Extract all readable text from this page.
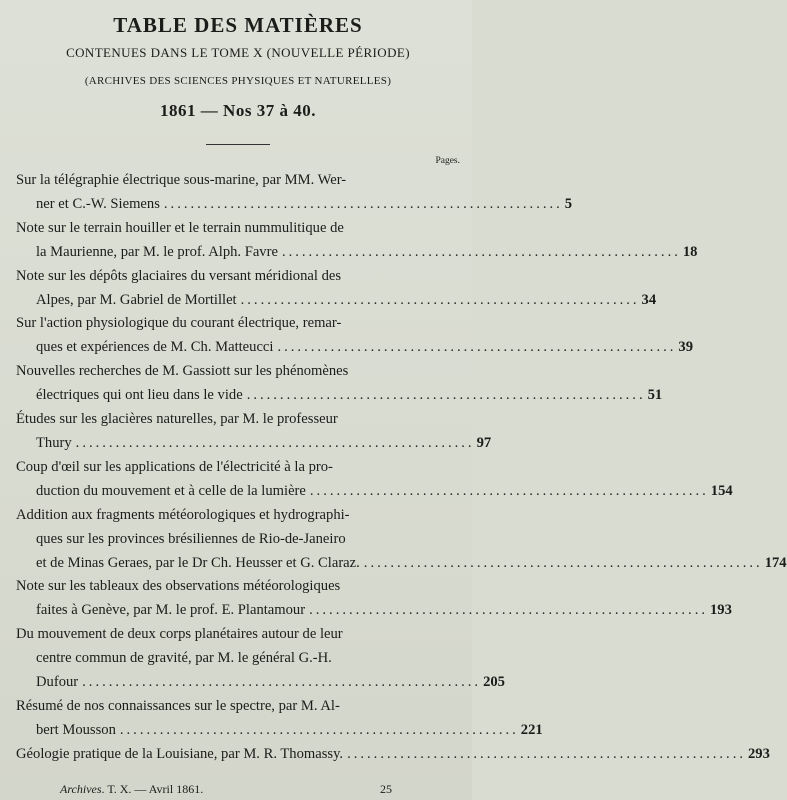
TABLE DES MATIÈRES
CONTENUES DANS LE TOME X (NOUVELLE PÉRIODE)
(ARCHIVES DES SCIENCES PHYSIQUES ET NATURELLES)
1861 — Nos 37 à 40.
Pages.
Sur la télégraphie électrique sous-marine, par MM. Wer-
ner et C.-W. Siemens ............................................................ 5
Note sur le terrain houiller et le terrain nummulitique de
la Maurienne, par M. le prof. Alph. Favre ............................................................ 18
Note sur les dépôts glaciaires du versant méridional des
Alpes, par M. Gabriel de Mortillet ............................................................ 34
Sur l'action physiologique du courant électrique, remar-
ques et expériences de M. Ch. Matteucci ............................................................ 39
Nouvelles recherches de M. Gassiott sur les phénomènes
électriques qui ont lieu dans le vide ............................................................ 51
Études sur les glacières naturelles, par M. le professeur
Thury ............................................................ 97
Coup d'œil sur les applications de l'électricité à la pro-
duction du mouvement et à celle de la lumière ............................................................ 154
Addition aux fragments météorologiques et hydrographi-
ques sur les provinces brésiliennes de Rio-de-Janeiro
et de Minas Geraes, par le Dr Ch. Heusser et G. Claraz. ............................................................ 174
Note sur les tableaux des observations météorologiques
faites à Genève, par M. le prof. E. Plantamour ............................................................ 193
Du mouvement de deux corps planétaires autour de leur
centre commun de gravité, par M. le général G.-H.
Dufour ............................................................ 205
Résumé de nos connaissances sur le spectre, par M. Al-
bert Mousson ............................................................ 221
Géologie pratique de la Louisiane, par M. R. Thomassy. ............................................................ 293
Archives. T. X. — Avril 1861.	25
